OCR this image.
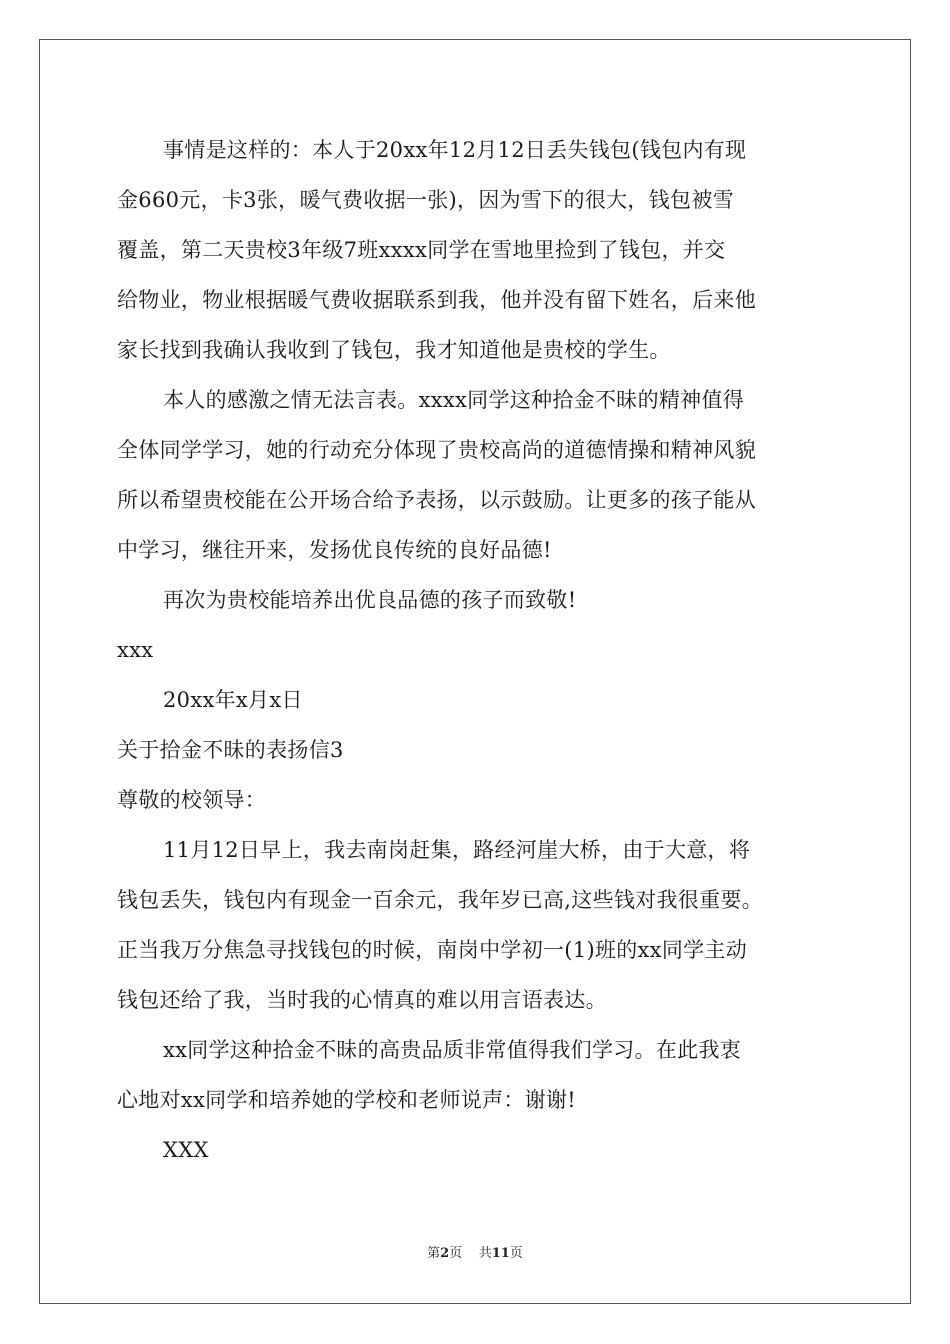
事情是这样的：本人于20xx年12月12日丢失钱包(钱包内有现
金660元，卡3张，暖气费收据一张)，因为雪下的很大，钱包被雪
覆盖，第二天贵校3年级7班xxxx同学在雪地里捡到了钱包，并交
给物业，物业根据暖气费收据联系到我，他并没有留下姓名，后来他
家长找到我确认我收到了钱包，我才知道他是贵校的学生。
本人的感激之情无法言表。xxxx同学这种拾金不昧的精神值得
全体同学学习，她的行动充分体现了贵校高尚的道德情操和精神风貌
所以希望贵校能在公开场合给予表扬，以示鼓励。让更多的孩子能从
中学习，继往开来，发扬优良传统的良好品德!
再次为贵校能培养出优良品德的孩子而致敬!
xxx
20xx年x月x日
关于拾金不昧的表扬信3
尊敬的校领导：
11月12日早上，我去南岗赶集，路经河崖大桥，由于大意，将
钱包丢失，钱包内有现金一百余元，我年岁已高,这些钱对我很重要。
正当我万分焦急寻找钱包的时候，南岗中学初一(1)班的xx同学主动
钱包还给了我，当时我的心情真的难以用言语表达。
xx同学这种拾金不昧的高贵品质非常值得我们学习。在此我衷
心地对xx同学和培养她的学校和老师说声：谢谢!
XXX
第2页 共11页
